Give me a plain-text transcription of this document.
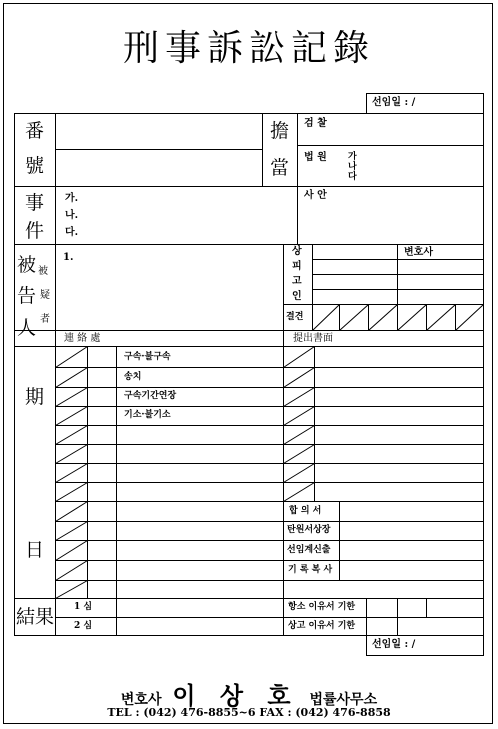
刑事訴訟記錄
선임일 : /
番
號
擔
當
검 찰
법 원 가
나
다
事
件
가.
나.
다.
사 안
被
告
人
被
疑
者
1.
상
피
고
인
변호사
결견
連 絡 處	提出書面
期
日
구속·불구속
송치
구속기간연장
기소·불기소
합 의 서
탄원서상장
선임계신출
기 록 복 사
結果 1 심
2 심
항소 이유서 기한
상고 이유서 기한
선임일 : /
변호사 이 상 호 법률사무소
TEL : (042) 476-8855~6 FAX : (042) 476-8858
